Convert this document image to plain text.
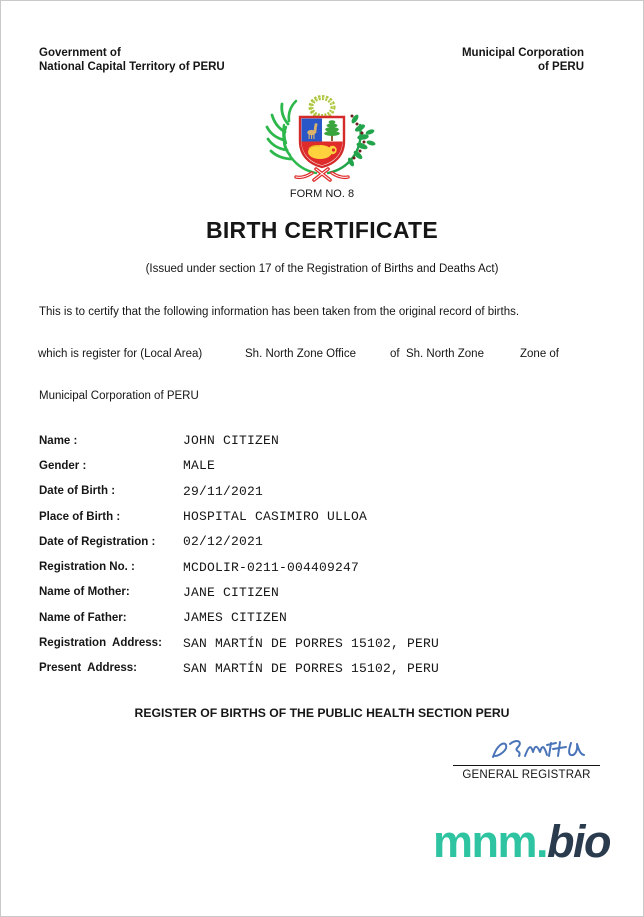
Government of
National Capital Territory of PERU
Municipal Corporation
of PERU
FORM NO. 8
BIRTH CERTIFICATE
(Issued under section 17 of the Registration of Births and Deaths Act)
This is to certify that the following information has been taken from the original record of births.
which is register for (Local Area)	Sh. North Zone Office	of  Sh. North Zone	Zone of
Municipal Corporation of PERU
Name :	JOHN CITIZEN
Gender :	MALE
Date of Birth :	29/11/2021
Place of Birth :	HOSPITAL CASIMIRO ULLOA
Date of Registration :	02/12/2021
Registration No. :	MCDOLIR-0211-004409247
Name of Mother:	JANE CITIZEN
Name of Father:	JAMES CITIZEN
Registration  Address:	SAN MARTÍN DE PORRES 15102, PERU
Present  Address:	SAN MARTÍN DE PORRES 15102, PERU
REGISTER OF BIRTHS OF THE PUBLIC HEALTH SECTION PERU
GENERAL REGISTRAR
mnm.bio
